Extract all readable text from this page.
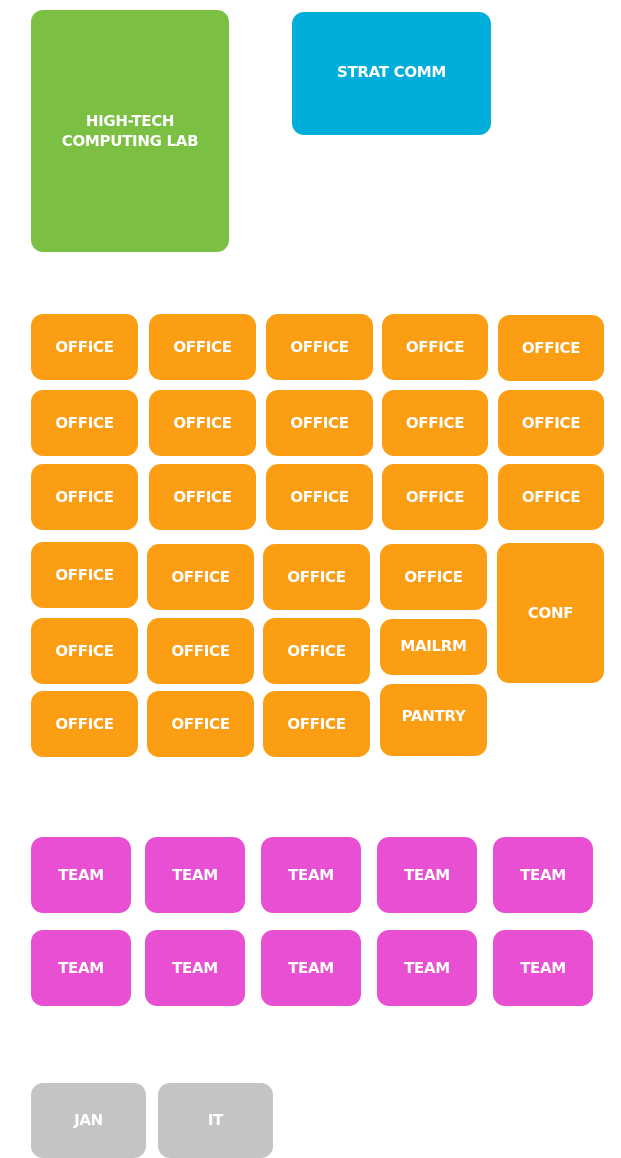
HIGH-TECH
COMPUTING LAB
STRAT COMM
OFFICE	OFFICE	OFFICE	OFFICE	OFFICE
OFFICE	OFFICE	OFFICE	OFFICE	OFFICE
OFFICE	OFFICE	OFFICE	OFFICE	OFFICE
OFFICE	OFFICE	OFFICE	OFFICE
CONF
OFFICE	OFFICE	OFFICE	MAILRM
OFFICE	OFFICE	OFFICE	PANTRY
TEAM	TEAM	TEAM	TEAM	TEAM
TEAM	TEAM	TEAM	TEAM	TEAM
JAN	IT
